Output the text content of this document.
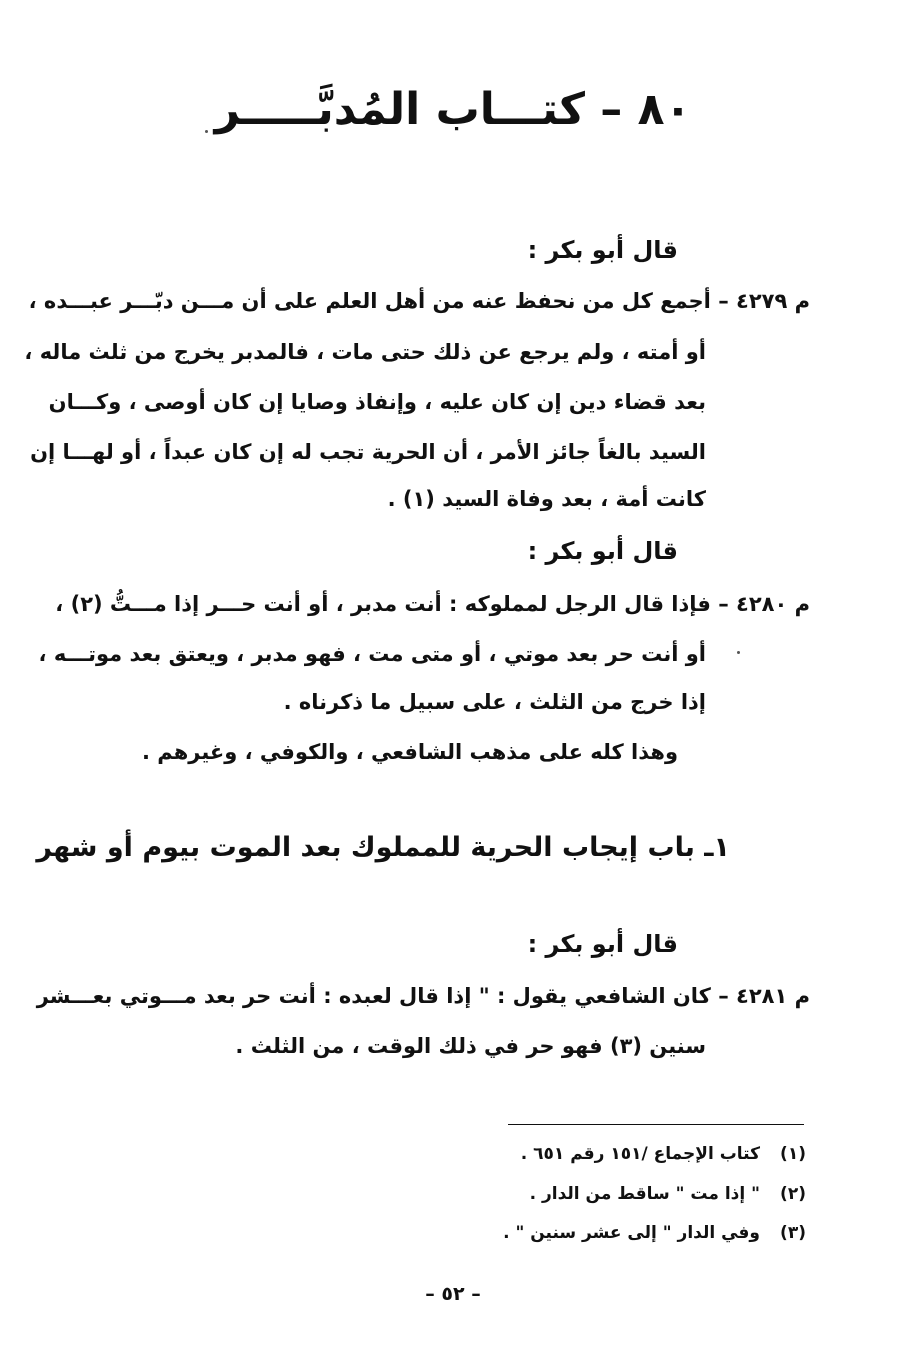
٨٠ – كتـــاب المُدبَّـــــر
قال أبو بكر :
م ٤٢٧٩ – أجمع كل من نحفظ عنه من أهل العلم على أن مـــن دبّـــر عبـــده ،
أو أمته ، ولم يرجع عن ذلك حتى مات ، فالمدبر يخرج من ثلث ماله ،
بعد قضاء دين إن كان عليه ، وإنفاذ وصايا إن كان أوصى ، وكـــان
السيد بالغاً جائز الأمر ، أن الحرية تجب له إن كان عبداً ، أو لهـــا إن
كانت أمة ، بعد وفاة السيد (١) .
قال أبو بكر :
م ٤٢٨٠ – فإذا قال الرجل لمملوكه : أنت مدبر ، أو أنت حـــر إذا مـــتُّ (٢) ،
أو أنت حر بعد موتي ، أو متى مت ، فهو مدبر ، ويعتق بعد موتـــه ،
إذا خرج من الثلث ، على سبيل ما ذكرناه .
وهذا كله على مذهب الشافعي ، والكوفي ، وغيرهم .
١ـ باب إيجاب الحرية للمملوك بعد الموت بيوم أو شهر
قال أبو بكر :
م ٤٢٨١ – كان الشافعي يقول : " إذا قال لعبده : أنت حر بعد مـــوتي بعـــشر
سنين (٣) فهو حر في ذلك الوقت ، من الثلث .
(١)كتاب الإجماع /١٥١ رقم ٦٥١ .
(٢)" إذا مت " ساقط من الدار .
(٣)وفي الدار " إلى عشر سنين " .
– ٥٢ –
